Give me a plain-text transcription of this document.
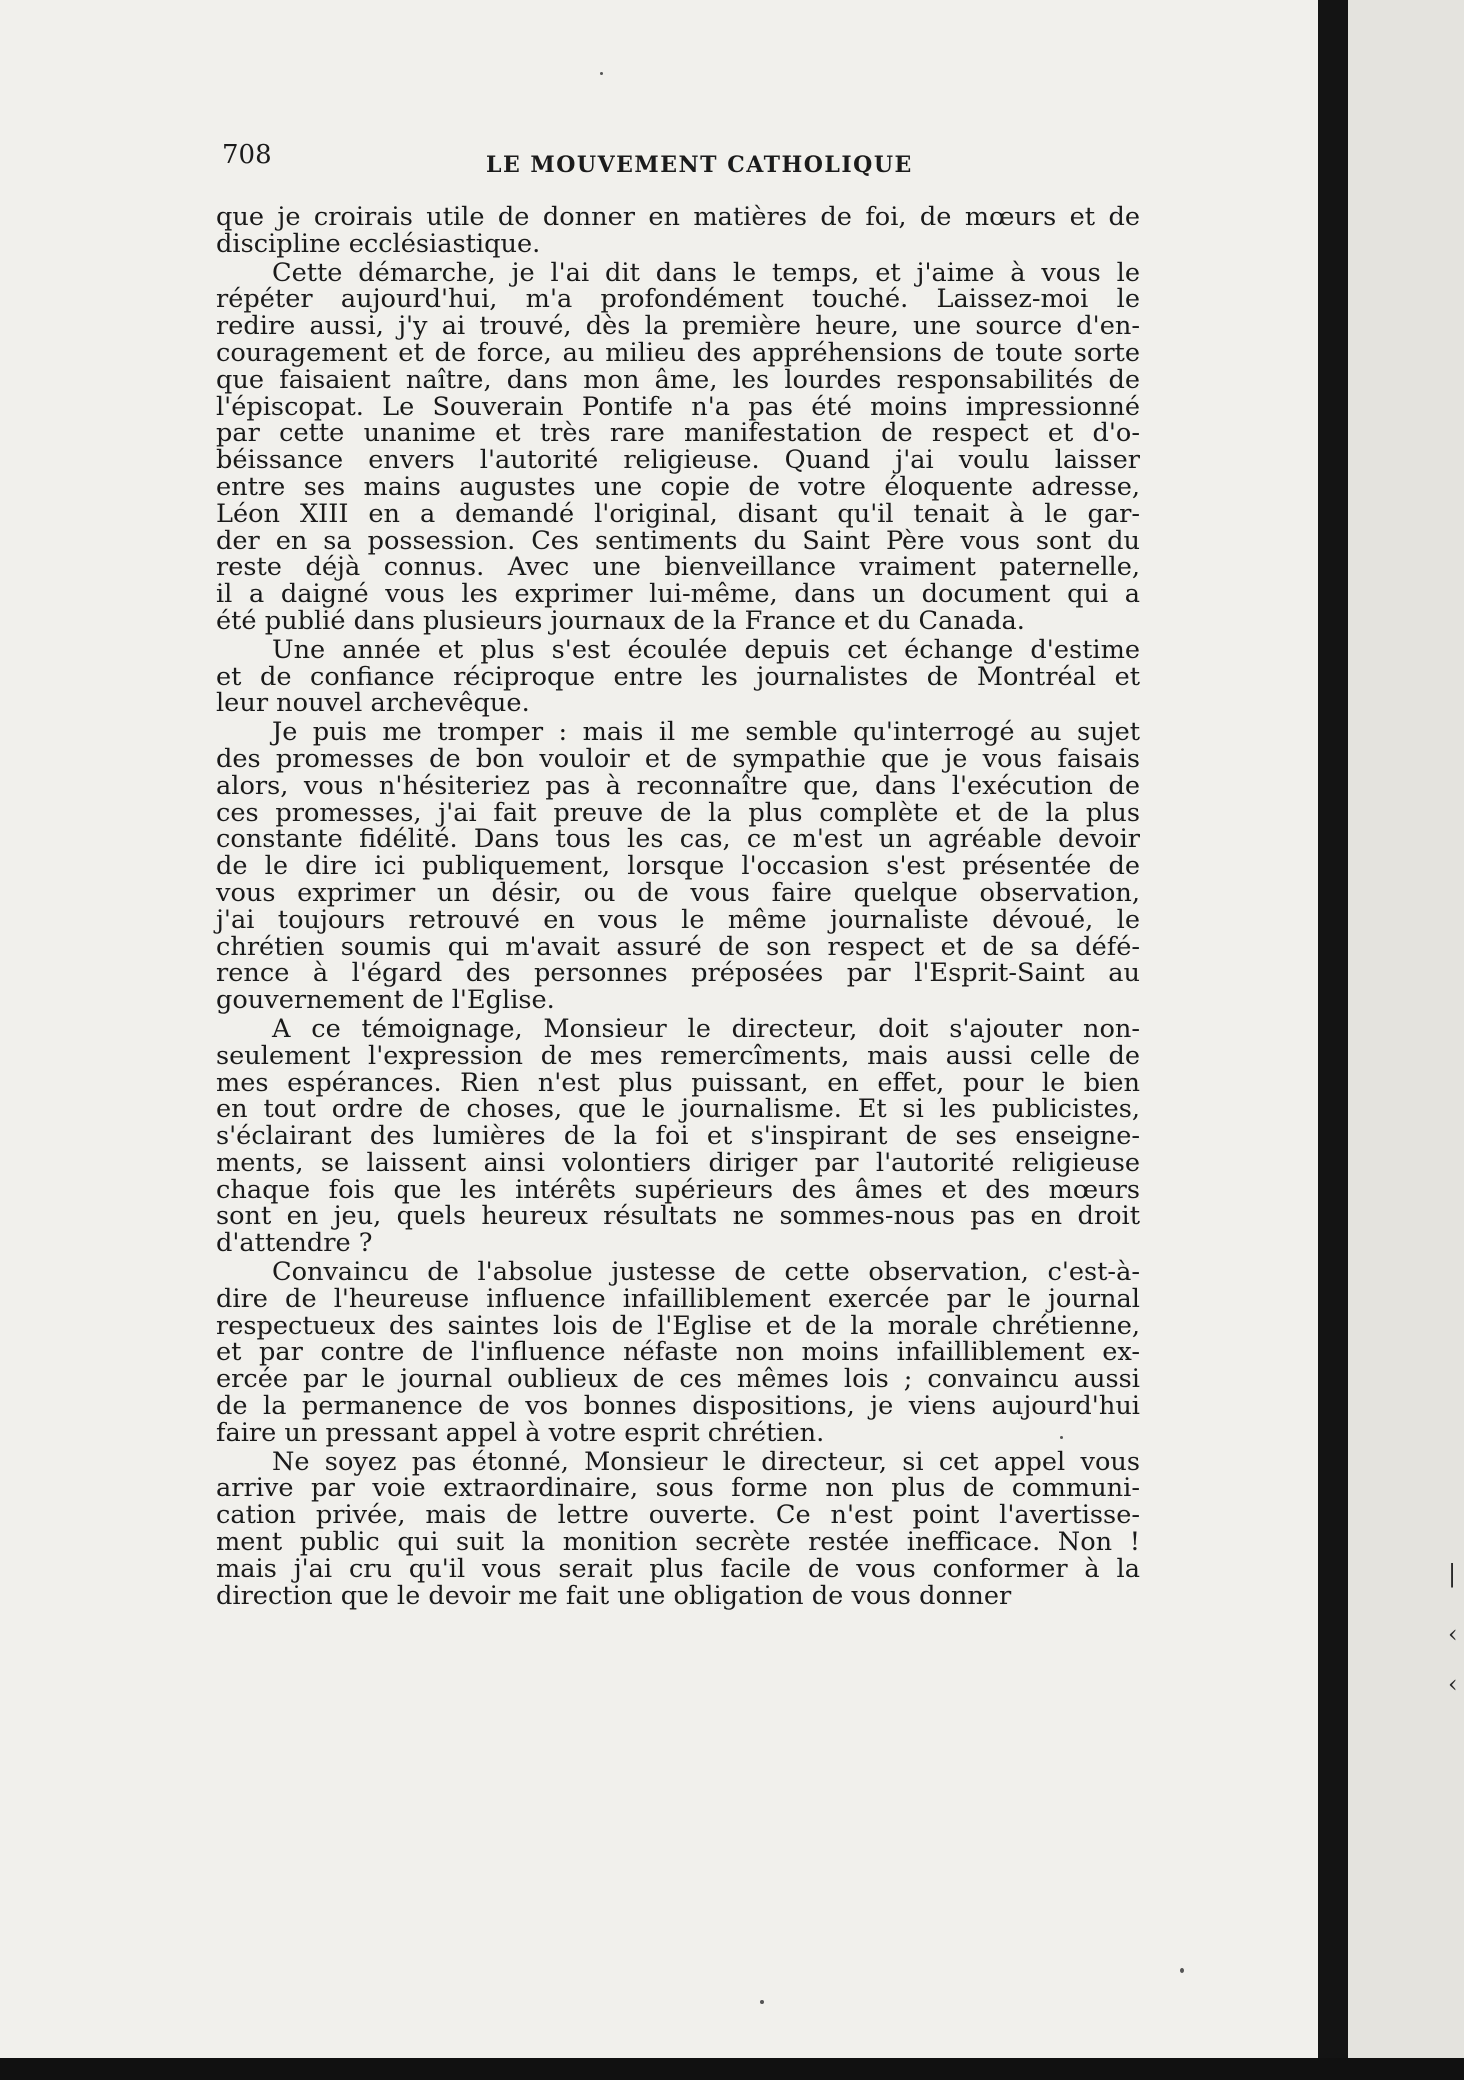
708	LE MOUVEMENT CATHOLIQUE
que je croirais utile de donner en matières de foi, de mœurs et de
discipline ecclésiastique.
Cette démarche, je l'ai dit dans le temps, et j'aime à vous le
répéter aujourd'hui, m'a profondément touché. Laissez-moi le
redire aussi, j'y ai trouvé, dès la première heure, une source d'en-
couragement et de force, au milieu des appréhensions de toute sorte
que faisaient naître, dans mon âme, les lourdes responsabilités de
l'épiscopat. Le Souverain Pontife n'a pas été moins impressionné
par cette unanime et très rare manifestation de respect et d'o-
béissance envers l'autorité religieuse. Quand j'ai voulu laisser
entre ses mains augustes une copie de votre éloquente adresse,
Léon XIII en a demandé l'original, disant qu'il tenait à le gar-
der en sa possession. Ces sentiments du Saint Père vous sont du
reste déjà connus. Avec une bienveillance vraiment paternelle,
il a daigné vous les exprimer lui-même, dans un document qui a
été publié dans plusieurs journaux de la France et du Canada.
Une année et plus s'est écoulée depuis cet échange d'estime
et de confiance réciproque entre les journalistes de Montréal et
leur nouvel archevêque.
Je puis me tromper : mais il me semble qu'interrogé au sujet
des promesses de bon vouloir et de sympathie que je vous faisais
alors, vous n'hésiteriez pas à reconnaître que, dans l'exécution de
ces promesses, j'ai fait preuve de la plus complète et de la plus
constante fidélité. Dans tous les cas, ce m'est un agréable devoir
de le dire ici publiquement, lorsque l'occasion s'est présentée de
vous exprimer un désir, ou de vous faire quelque observation,
j'ai toujours retrouvé en vous le même journaliste dévoué, le
chrétien soumis qui m'avait assuré de son respect et de sa défé-
rence à l'égard des personnes préposées par l'Esprit-Saint au
gouvernement de l'Eglise.
A ce témoignage, Monsieur le directeur, doit s'ajouter non-
seulement l'expression de mes remercîments, mais aussi celle de
mes espérances. Rien n'est plus puissant, en effet, pour le bien
en tout ordre de choses, que le journalisme. Et si les publicistes,
s'éclairant des lumières de la foi et s'inspirant de ses enseigne-
ments, se laissent ainsi volontiers diriger par l'autorité religieuse
chaque fois que les intérêts supérieurs des âmes et des mœurs
sont en jeu, quels heureux résultats ne sommes-nous pas en droit
d'attendre ?
Convaincu de l'absolue justesse de cette observation, c'est-à-
dire de l'heureuse influence infailliblement exercée par le journal
respectueux des saintes lois de l'Eglise et de la morale chrétienne,
et par contre de l'influence néfaste non moins infailliblement ex-
ercée par le journal oublieux de ces mêmes lois ; convaincu aussi
de la permanence de vos bonnes dispositions, je viens aujourd'hui
faire un pressant appel à votre esprit chrétien.
Ne soyez pas étonné, Monsieur le directeur, si cet appel vous
arrive par voie extraordinaire, sous forme non plus de communi-
cation privée, mais de lettre ouverte. Ce n'est point l'avertisse-
ment public qui suit la monition secrète restée inefficace. Non !
mais j'ai cru qu'il vous serait plus facile de vous conformer à la
direction que le devoir me fait une obligation de vous donner
|
‹
‹
